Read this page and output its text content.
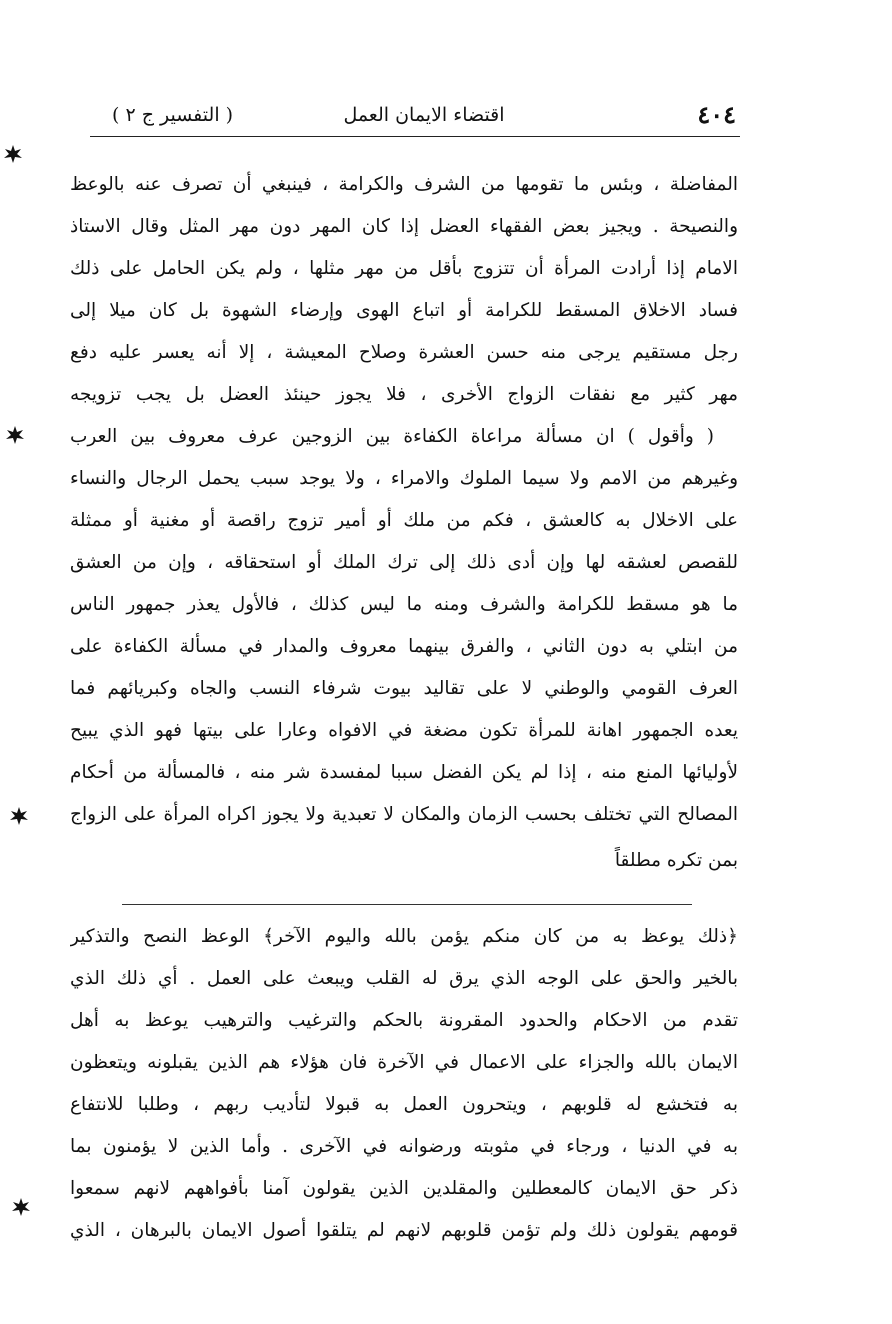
٤٠٤
اقتضاء الايمان العمل
( التفسير ج ٢ )
المفاضلة ، وبئس ما تقومها من الشرف والكرامة ، فينبغي أن تصرف عنه بالوعظ
والنصيحة . ويجيز بعض الفقهاء العضل إذا كان المهر دون مهر المثل وقال الاستاذ
الامام إذا أرادت المرأة أن تتزوج بأقل من مهر مثلها ، ولم يكن الحامل على ذلك
فساد الاخلاق المسقط للكرامة أو اتباع الهوى وإرضاء الشهوة بل كان ميلا إلى
رجل مستقيم يرجى منه حسن العشرة وصلاح المعيشة ، إلا أنه يعسر عليه دفع
مهر كثير مع نفقات الزواج الأخرى ، فلا يجوز حينئذ العضل بل يجب تزويجه
( وأقول ) ان مسألة مراعاة الكفاءة بين الزوجين عرف معروف بين العرب
وغيرهم من الامم ولا سيما الملوك والامراء ، ولا يوجد سبب يحمل الرجال والنساء
على الاخلال به كالعشق ، فكم من ملك أو أمير تزوج راقصة أو مغنية أو ممثلة
للقصص لعشقه لها وإن أدى ذلك إلى ترك الملك أو استحقاقه ، وإن من العشق
ما هو مسقط للكرامة والشرف ومنه ما ليس كذلك ، فالأول يعذر جمهور الناس
من ابتلي به دون الثاني ، والفرق بينهما معروف والمدار في مسألة الكفاءة على
العرف القومي والوطني لا على تقاليد بيوت شرفاء النسب والجاه وكبريائهم فما
يعده الجمهور اهانة للمرأة تكون مضغة في الافواه وعارا على بيتها فهو الذي يبيح
لأوليائها المنع منه ، إذا لم يكن الفضل سببا لمفسدة شر منه ، فالمسألة من أحكام
المصالح التي تختلف بحسب الزمان والمكان لا تعبدية ولا يجوز اكراه المرأة على الزواج
بمن تكره مطلقاً
﴿ذلك يوعظ به من كان منكم يؤمن بالله واليوم الآخر﴾ الوعظ النصح والتذكير
بالخير والحق على الوجه الذي يرق له القلب ويبعث على العمل . أي ذلك الذي
تقدم من الاحكام والحدود المقرونة بالحكم والترغيب والترهيب يوعظ به أهل
الايمان بالله والجزاء على الاعمال في الآخرة فان هؤلاء هم الذين يقبلونه ويتعظون
به فتخشع له قلوبهم ، ويتحرون العمل به قبولا لتأديب ربهم ، وطلبا للانتفاع
به في الدنيا ، ورجاء في مثوبته ورضوانه في الآخرى . وأما الذين لا يؤمنون بما
ذكر حق الايمان كالمعطلين والمقلدين الذين يقولون آمنا بأفواههم لانهم سمعوا
قومهم يقولون ذلك ولم تؤمن قلوبهم لانهم لم يتلقوا أصول الايمان بالبرهان ، الذي
